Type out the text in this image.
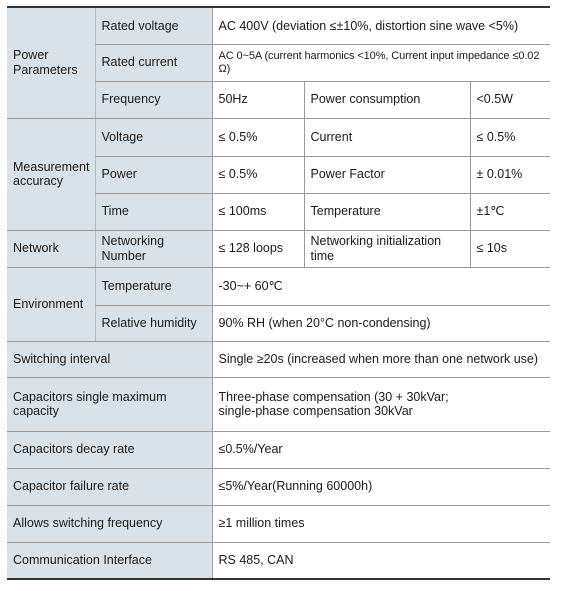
Power Parameters	Rated voltage	AC 400V (deviation ≤±10%, distortion sine wave <5%)		
	Rated current	AC 0~5A (current harmonics <10%, Current input impedance ≤0.02 Ω)		
	Frequency	50Hz	Power consumption	<0.5W
Measurement accuracy	Voltage	≤ 0.5%	Current	≤ 0.5%
	Power	≤ 0.5%	Power Factor	± 0.01%
	Time	≤ 100ms	Temperature	±1℃
Network	Networking Number	≤ 128 loops	Networking initialization time	≤ 10s
Environment	Temperature	-30~+ 60℃		
	Relative humidity	90% RH (when 20°C non-condensing)		
Switching interval		Single ≥20s (increased when more than one network use)		
Capacitors single maximum capacity		Three-phase compensation (30 + 30kVar;
single-phase compensation 30kVar		

Capacitors decay rate		≤0.5%/Year		
Capacitor failure rate		≤5%/Year(Running 60000h)		
Allows switching frequency		≥1 million times		
Communication Interface		RS 485, CAN		
